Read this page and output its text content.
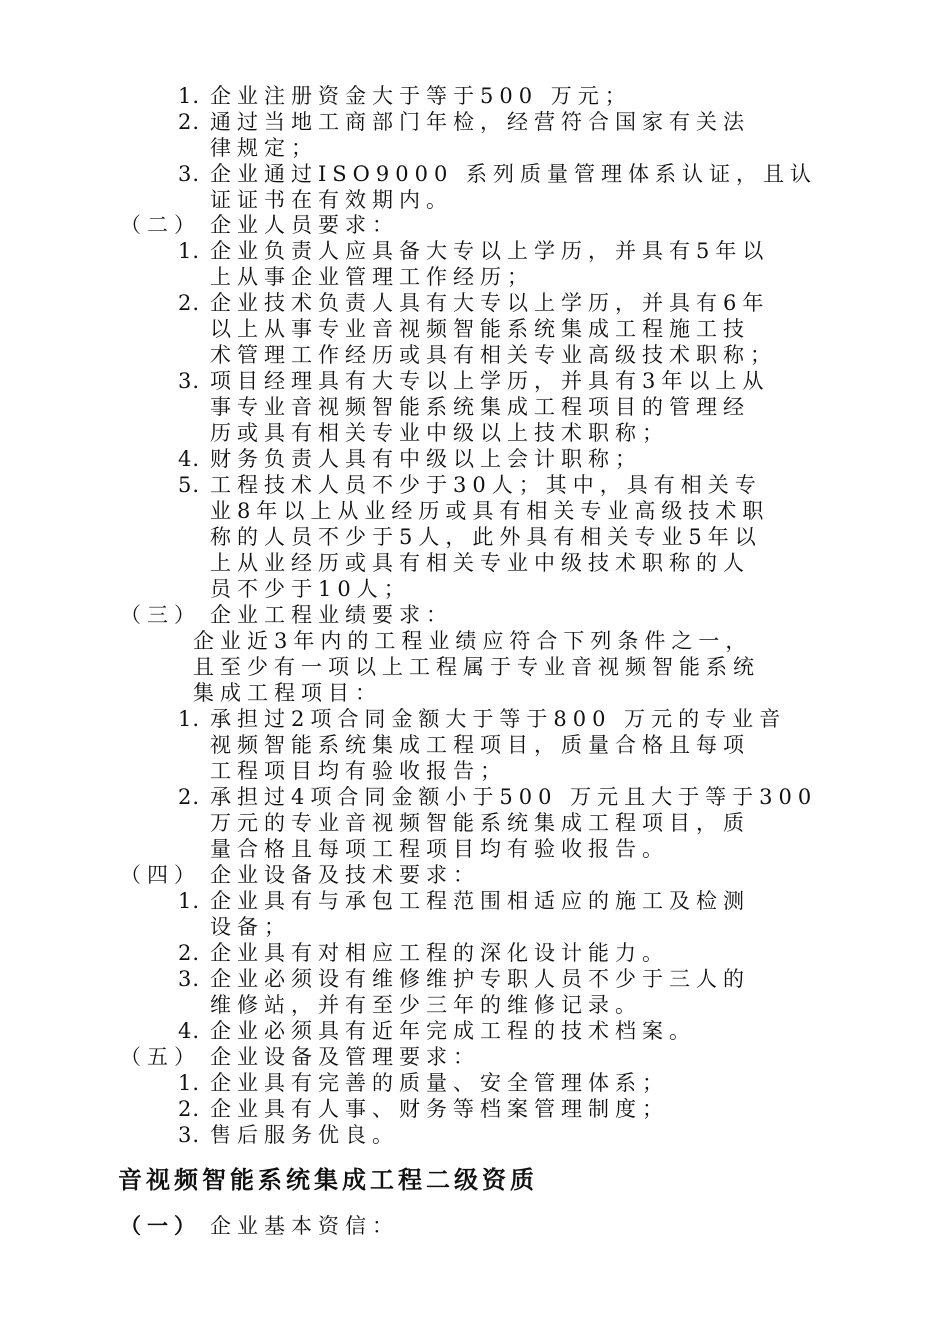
1. 企业注册资金大于等于500 万元；
2. 通过当地工商部门年检，经营符合国家有关法
律规定；
3. 企业通过ISO9000 系列质量管理体系认证，且认
证证书在有效期内。
（二） 企业人员要求：
1. 企业负责人应具备大专以上学历，并具有5年以
上从事企业管理工作经历；
2. 企业技术负责人具有大专以上学历，并具有6年
以上从事专业音视频智能系统集成工程施工技
术管理工作经历或具有相关专业高级技术职称；
3. 项目经理具有大专以上学历，并具有3年以上从
事专业音视频智能系统集成工程项目的管理经
历或具有相关专业中级以上技术职称；
4. 财务负责人具有中级以上会计职称；
5. 工程技术人员不少于30人；其中，具有相关专
业8年以上从业经历或具有相关专业高级技术职
称的人员不少于5人，此外具有相关专业5年以
上从业经历或具有相关专业中级技术职称的人
员不少于10人；
（三） 企业工程业绩要求：
企业近3年内的工程业绩应符合下列条件之一，
且至少有一项以上工程属于专业音视频智能系统
集成工程项目：
1. 承担过2项合同金额大于等于800 万元的专业音
视频智能系统集成工程项目，质量合格且每项
工程项目均有验收报告；
2. 承担过4项合同金额小于500 万元且大于等于300
万元的专业音视频智能系统集成工程项目，质
量合格且每项工程项目均有验收报告。
（四） 企业设备及技术要求：
1. 企业具有与承包工程范围相适应的施工及检测
设备；
2. 企业具有对相应工程的深化设计能力。
3. 企业必须设有维修维护专职人员不少于三人的
维修站，并有至少三年的维修记录。
4. 企业必须具有近年完成工程的技术档案。
（五） 企业设备及管理要求：
1. 企业具有完善的质量、安全管理体系；
2. 企业具有人事、财务等档案管理制度；
3. 售后服务优良。
音视频智能系统集成工程二级资质
（一） 企业基本资信：
